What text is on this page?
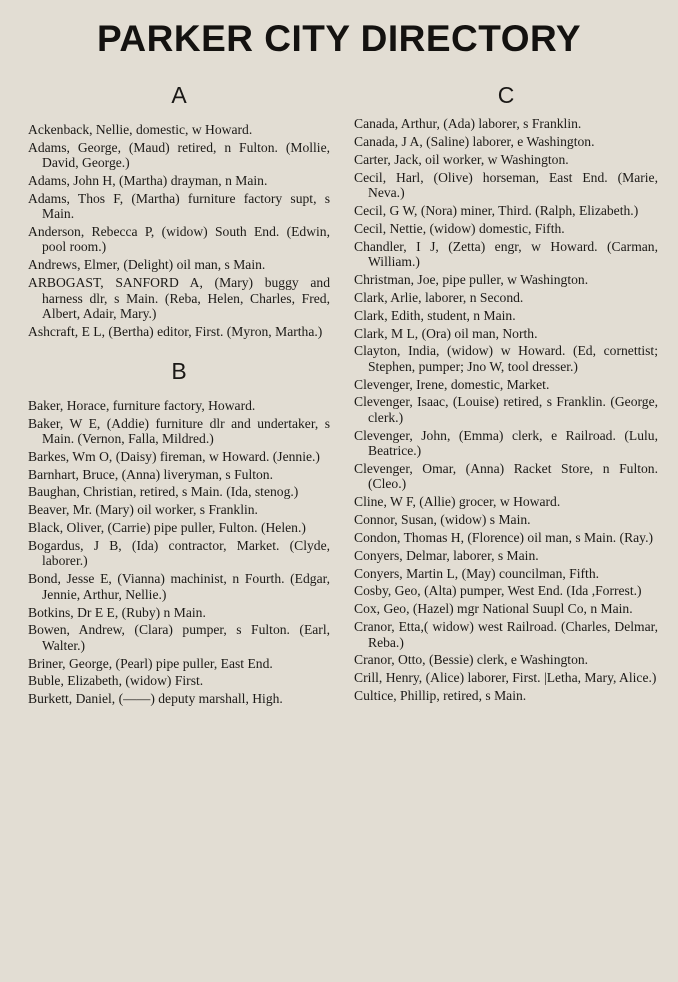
PARKER CITY DIRECTORY
A

Ackenback, Nellie, domestic, w Howard.

Adams, George, (Maud) retired, n Fulton. (Mollie, David, George.)

Adams, John H, (Martha) drayman, n Main.

Adams, Thos F, (Martha) furniture factory supt, s Main.

Anderson, Rebecca P, (widow) South End. (Edwin, pool room.)

Andrews, Elmer, (Delight) oil man, s Main.

ARBOGAST, SANFORD A, (Mary) buggy and harness dlr, s Main. (Reba, Helen, Charles, Fred, Albert, Adair, Mary.)

Ashcraft, E L, (Bertha) editor, First. (Myron, Martha.)

B

Baker, Horace, furniture factory, Howard.

Baker, W E, (Addie) furniture dlr and undertaker, s Main. (Vernon, Falla, Mildred.)

Barkes, Wm O, (Daisy) fireman, w Howard. (Jennie.)

Barnhart, Bruce, (Anna) liveryman, s Fulton.

Baughan, Christian, retired, s Main. (Ida, stenog.)

Beaver, Mr. (Mary) oil worker, s Franklin.

Black, Oliver, (Carrie) pipe puller, Fulton. (Helen.)

Bogardus, J B, (Ida) contractor, Market. (Clyde, laborer.)

Bond, Jesse E, (Vianna) machinist, n Fourth. (Edgar, Jennie, Arthur, Nellie.)

Botkins, Dr E E, (Ruby) n Main.

Bowen, Andrew, (Clara) pumper, s Fulton. (Earl, Walter.)

Briner, George, (Pearl) pipe puller, East End.

Buble, Elizabeth, (widow) First.

Burkett, Daniel, (——) deputy marshall, High.

C

Canada, Arthur, (Ada) laborer, s Franklin.

Canada, J A, (Saline) laborer, e Washington.

Carter, Jack, oil worker, w Washington.

Cecil, Harl, (Olive) horseman, East End. (Marie, Neva.)

Cecil, G W, (Nora) miner, Third. (Ralph, Elizabeth.)

Cecil, Nettie, (widow) domestic, Fifth.

Chandler, I J, (Zetta) engr, w Howard. (Carman, William.)

Christman, Joe, pipe puller, w Washington.

Clark, Arlie, laborer, n Second.

Clark, Edith, student, n Main.

Clark, M L, (Ora) oil man, North.

Clayton, India, (widow) w Howard. (Ed, cornettist; Stephen, pumper; Jno W, tool dresser.)

Clevenger, Irene, domestic, Market.

Clevenger, Isaac, (Louise) retired, s Franklin. (George, clerk.)

Clevenger, John, (Emma) clerk, e Railroad. (Lulu, Beatrice.)

Clevenger, Omar, (Anna) Racket Store, n Fulton. (Cleo.)

Cline, W F, (Allie) grocer, w Howard.

Connor, Susan, (widow) s Main.

Condon, Thomas H, (Florence) oil man, s Main. (Ray.)

Conyers, Delmar, laborer, s Main.

Conyers, Martin L, (May) councilman, Fifth.

Cosby, Geo, (Alta) pumper, West End. (Ida ,Forrest.)

Cox, Geo, (Hazel) mgr National Suupl Co, n Main.

Cranor, Etta,( widow) west Railroad. (Charles, Delmar, Reba.)

Cranor, Otto, (Bessie) clerk, e Washington.

Crill, Henry, (Alice) laborer, First. |Letha, Mary, Alice.)

Cultice, Phillip, retired, s Main.
